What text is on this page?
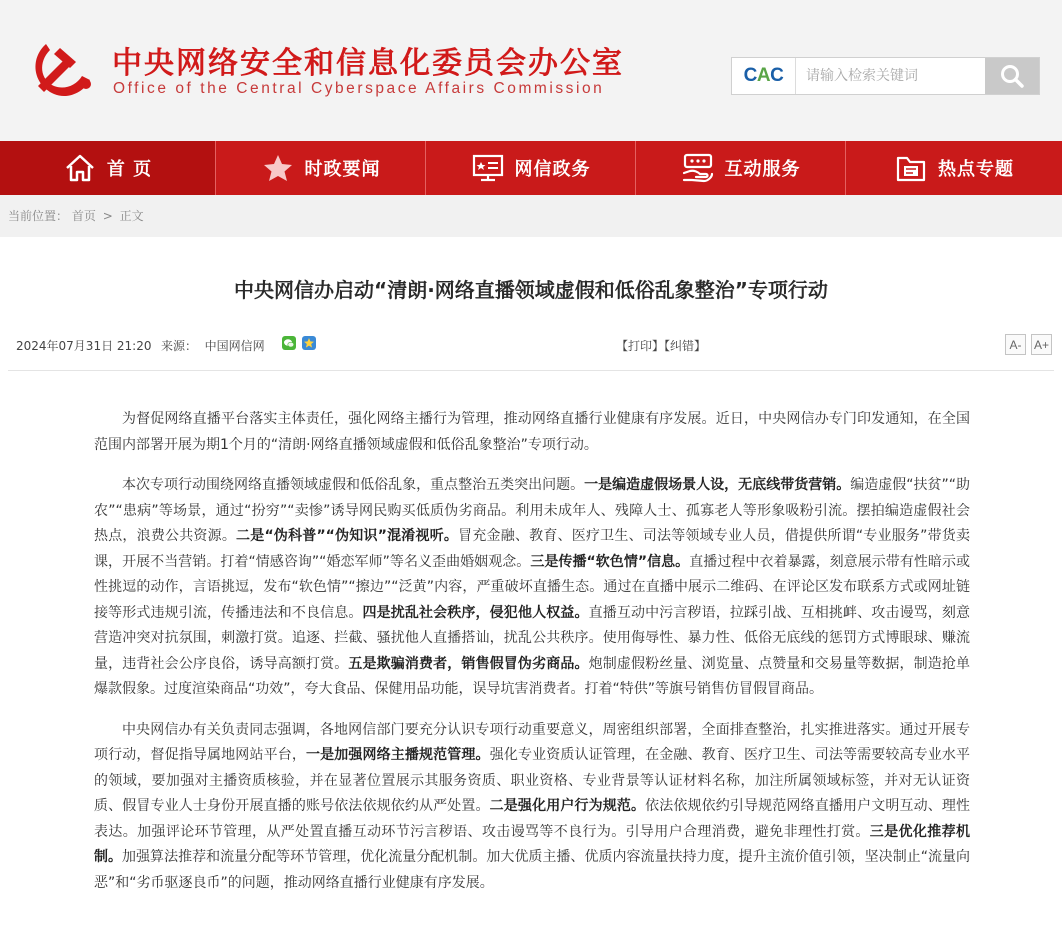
中央网络安全和信息化委员会办公室
Office of the Central Cyberspace Affairs Commission
C A C
请输入检索关键词
首 页	时政要闻	网信政务	互动服务	热点专题
当前位置： 首页 > 正文
中央网信办启动“清朗·网络直播领域虚假和低俗乱象整治”专项行动
2024年07月31日 21:20 来源： 中国网信网	【打印】【纠错】	A-	A+

为督促网络直播平台落实主体责任，强化网络主播行为管理，推动网络直播行业健康有序发展。近日，中央网信办专门印发通知，在全国范围内部署开展为期1个月的“清朗·网络直播领域虚假和低俗乱象整治”专项行动。

本次专项行动围绕网络直播领域虚假和低俗乱象，重点整治五类突出问题。一是编造虚假场景人设，无底线带货营销。编造虚假“扶贫”“助农”“患病”等场景，通过“扮穷”“卖惨”诱导网民购买低质伪劣商品。利用未成年人、残障人士、孤寡老人等形象吸粉引流。摆拍编造虚假社会热点，浪费公共资源。二是“伪科普”“伪知识”混淆视听。冒充金融、教育、医疗卫生、司法等领域专业人员，借提供所谓“专业服务”带货卖课，开展不当营销。打着“情感咨询”“婚恋军师”等名义歪曲婚姻观念。三是传播“软色情”信息。直播过程中衣着暴露，刻意展示带有性暗示或性挑逗的动作，言语挑逗，发布“软色情”“擦边”“泛黄”内容，严重破坏直播生态。通过在直播中展示二维码、在评论区发布联系方式或网址链接等形式违规引流，传播违法和不良信息。四是扰乱社会秩序，侵犯他人权益。直播互动中污言秽语，拉踩引战、互相挑衅、攻击谩骂，刻意营造冲突对抗氛围，刺激打赏。追逐、拦截、骚扰他人直播搭讪，扰乱公共秩序。使用侮辱性、暴力性、低俗无底线的惩罚方式博眼球、赚流量，违背社会公序良俗，诱导高额打赏。五是欺骗消费者，销售假冒伪劣商品。炮制虚假粉丝量、浏览量、点赞量和交易量等数据，制造抢单爆款假象。过度渲染商品“功效”，夸大食品、保健用品功能，误导坑害消费者。打着“特供”等旗号销售仿冒假冒商品。

中央网信办有关负责同志强调，各地网信部门要充分认识专项行动重要意义，周密组织部署，全面排查整治，扎实推进落实。通过开展专项行动，督促指导属地网站平台，一是加强网络主播规范管理。强化专业资质认证管理，在金融、教育、医疗卫生、司法等需要较高专业水平的领域，要加强对主播资质核验，并在显著位置展示其服务资质、职业资格、专业背景等认证材料名称，加注所属领域标签，并对无认证资质、假冒专业人士身份开展直播的账号依法依规依约从严处置。二是强化用户行为规范。依法依规依约引导规范网络直播用户文明互动、理性表达。加强评论环节管理，从严处置直播互动环节污言秽语、攻击谩骂等不良行为。引导用户合理消费，避免非理性打赏。三是优化推荐机制。加强算法推荐和流量分配等环节管理，优化流量分配机制。加大优质主播、优质内容流量扶持力度，提升主流价值引领，坚决制止“流量向恶”和“劣币驱逐良币”的问题，推动网络直播行业健康有序发展。
